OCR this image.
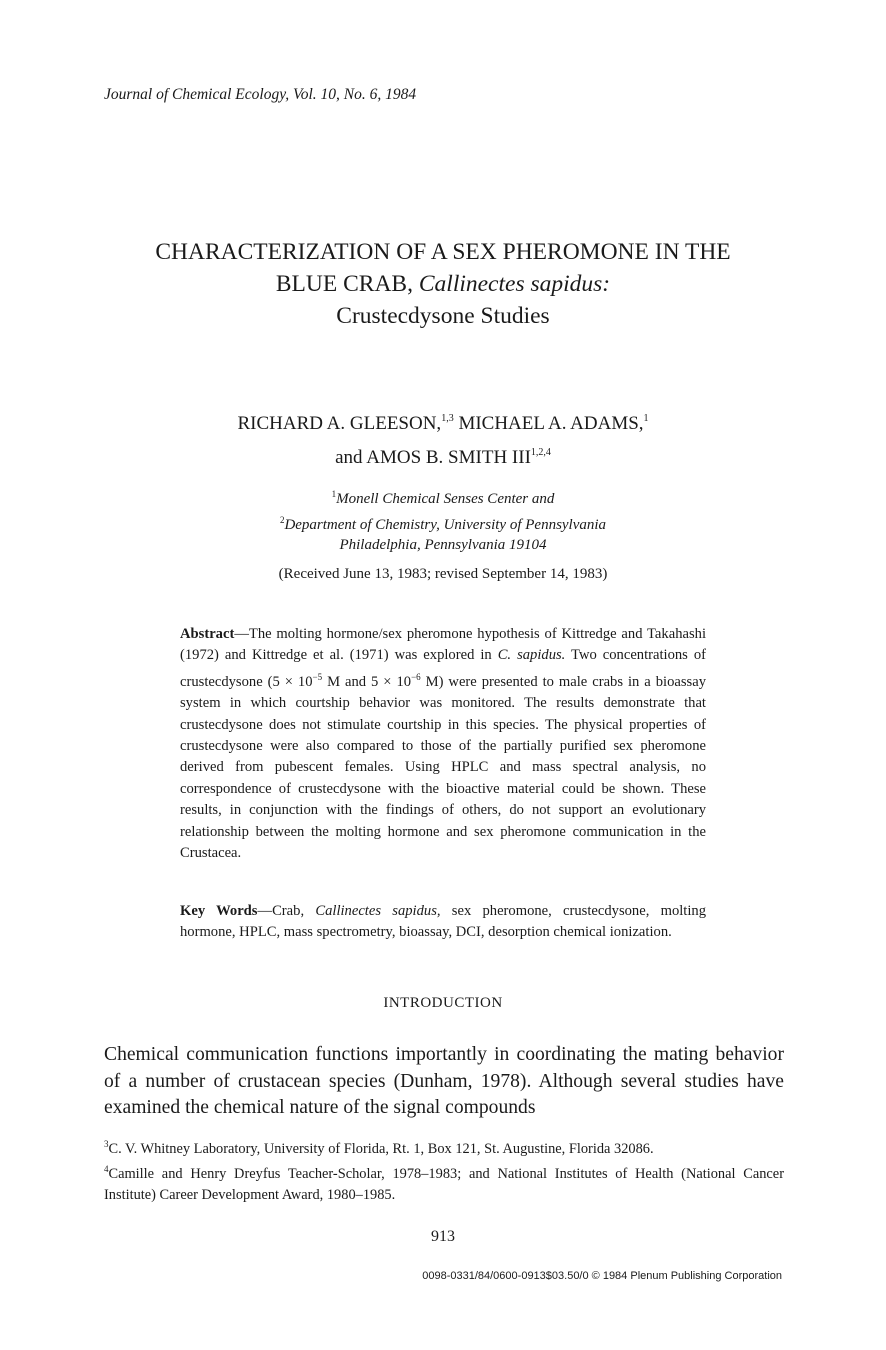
Journal of Chemical Ecology, Vol. 10, No. 6, 1984
CHARACTERIZATION OF A SEX PHEROMONE IN THE
BLUE CRAB, Callinectes sapidus:
Crustecdysone Studies
RICHARD A. GLEESON,$^{1,3}$ MICHAEL A. ADAMS,$^1$
and AMOS B. SMITH III$^{1,2,4}$
$^1$Monell Chemical Senses Center and
$^2$Department of Chemistry, University of Pennsylvania
Philadelphia, Pennsylvania 19104
(Received June 13, 1983; revised September 14, 1983)
Abstract—The molting hormone/sex pheromone hypothesis of Kittredge and Takahashi (1972) and Kittredge et al. (1971) was explored in C. sapidus. Two concentrations of crustecdysone ($5 \times 10^{-5}$ M and $5 \times 10^{-6}$ M) were presented to male crabs in a bioassay system in which courtship behavior was monitored. The results demonstrate that crustecdysone does not stimulate courtship in this species. The physical properties of crustecdysone were also compared to those of the partially purified sex pheromone derived from pubescent females. Using HPLC and mass spectral analysis, no correspondence of crustecdysone with the bioactive material could be shown. These results, in conjunction with the findings of others, do not support an evolutionary relationship between the molting hormone and sex pheromone communication in the Crustacea.
Key Words—Crab, Callinectes sapidus, sex pheromone, crustecdysone, molting hormone, HPLC, mass spectrometry, bioassay, DCI, desorption chemical ionization.
INTRODUCTION
Chemical communication functions importantly in coordinating the mating behavior of a number of crustacean species (Dunham, 1978). Although several studies have examined the chemical nature of the signal compounds
$^3$C. V. Whitney Laboratory, University of Florida, Rt. 1, Box 121, St. Augustine, Florida 32086.
$^4$Camille and Henry Dreyfus Teacher-Scholar, 1978–1983; and National Institutes of Health (National Cancer Institute) Career Development Award, 1980–1985.
913
0098-0331/84/0600-0913$03.50/0 © 1984 Plenum Publishing Corporation
